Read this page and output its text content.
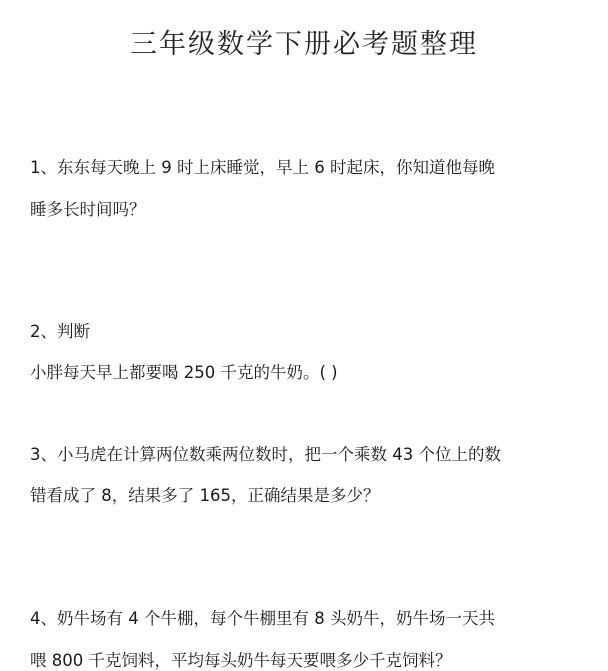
三年级数学下册必考题整理
1、东东每天晚上 9 时上床睡觉，早上 6 时起床，你知道他每晚
睡多长时间吗？
2、判断
小胖每天早上都要喝 250 千克的牛奶。( )
3、小马虎在计算两位数乘两位数时，把一个乘数 43 个位上的数
错看成了 8，结果多了 165，正确结果是多少？
4、奶牛场有 4 个牛棚，每个牛棚里有 8 头奶牛，奶牛场一天共
喂 800 千克饲料，平均每头奶牛每天要喂多少千克饲料？
